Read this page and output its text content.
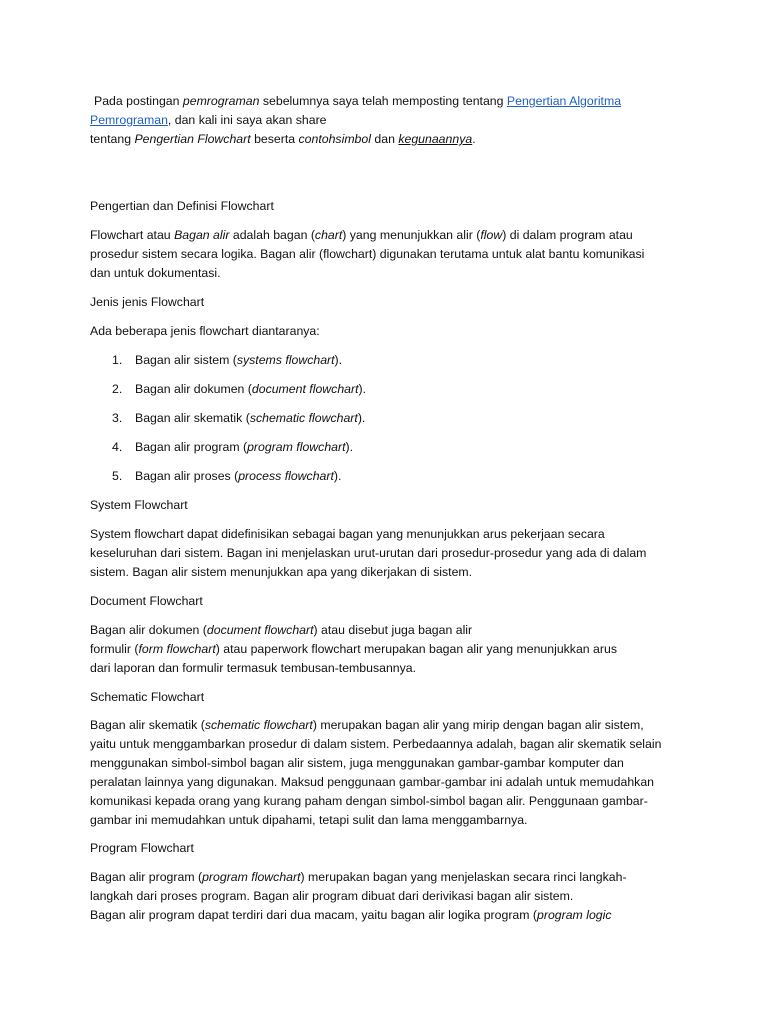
Pada postingan pemrograman sebelumnya saya telah memposting tentang Pengertian Algoritma

Pemrograman, dan kali ini saya akan share

tentang Pengertian Flowchart beserta contohsimbol dan kegunaannya.

Pengertian dan Definisi Flowchart

Flowchart atau Bagan alir adalah bagan (chart) yang menunjukkan alir (flow) di dalam program atau

prosedur sistem secara logika. Bagan alir (flowchart) digunakan terutama untuk alat bantu komunikasi

dan untuk dokumentasi.

Jenis jenis Flowchart

Ada beberapa jenis flowchart diantaranya:

1. Bagan alir sistem (systems flowchart).

2. Bagan alir dokumen (document flowchart).

3. Bagan alir skematik (schematic flowchart).

4. Bagan alir program (program flowchart).

5. Bagan alir proses (process flowchart).

System Flowchart

System flowchart dapat didefinisikan sebagai bagan yang menunjukkan arus pekerjaan secara

keseluruhan dari sistem. Bagan ini menjelaskan urut-urutan dari prosedur-prosedur yang ada di dalam

sistem. Bagan alir sistem menunjukkan apa yang dikerjakan di sistem.

Document Flowchart

Bagan alir dokumen (document flowchart) atau disebut juga bagan alir

formulir (form flowchart) atau paperwork flowchart merupakan bagan alir yang menunjukkan arus

dari laporan dan formulir termasuk tembusan-tembusannya.

Schematic Flowchart

Bagan alir skematik (schematic flowchart) merupakan bagan alir yang mirip dengan bagan alir sistem,

yaitu untuk menggambarkan prosedur di dalam sistem. Perbedaannya adalah, bagan alir skematik selain

menggunakan simbol-simbol bagan alir sistem, juga menggunakan gambar-gambar komputer dan

peralatan lainnya yang digunakan. Maksud penggunaan gambar-gambar ini adalah untuk memudahkan

komunikasi kepada orang yang kurang paham dengan simbol-simbol bagan alir. Penggunaan gambar-

gambar ini memudahkan untuk dipahami, tetapi sulit dan lama menggambarnya.

Program Flowchart

Bagan alir program (program flowchart) merupakan bagan yang menjelaskan secara rinci langkah-

langkah dari proses program. Bagan alir program dibuat dari derivikasi bagan alir sistem.

Bagan alir program dapat terdiri dari dua macam, yaitu bagan alir logika program (program logic
